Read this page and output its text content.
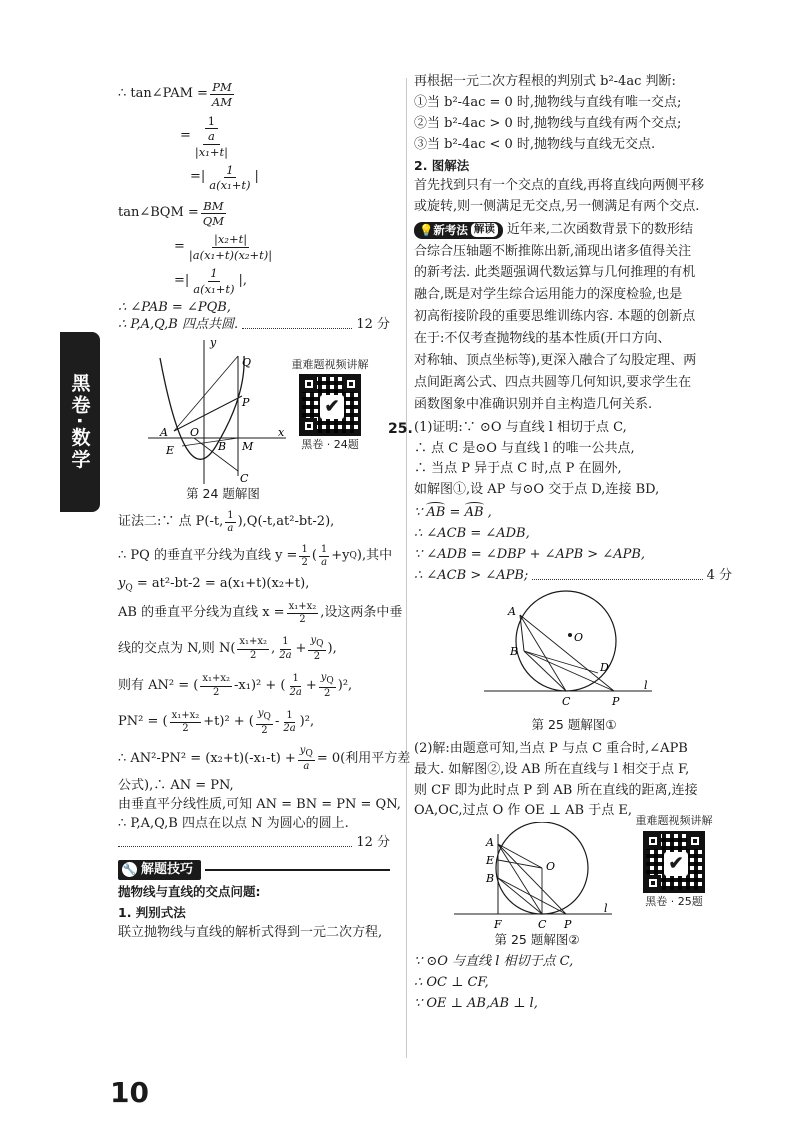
黑卷·数学
∴ tan∠PAM = $\frac{PM}{AM}$
= 1
a
|x₁+t|
= | $\frac{1}{\text{a(x₁+t)}}$ |
tan∠BQM = $\frac{BM}{QM}$
= $\frac{\text{|x₂+t|}}{\text{|a(x₁+t)(x₂+t)|}}$
= | $\frac{1}{\text{a(x₁+t)}}$ |,
∴ ∠PAB = ∠PQB,
∴ P,A,Q,B 四点共圆.	12 分
y
x
Q
P
A O
B M
E
C
重难题视频讲解
✔
黑卷 · 24题
第 24 题解图
证法二:∵ 点 P(-t, $\frac{1}{a} ),Q(-t,at^2-bt-2)$,
∴ PQ 的垂直平分线为直线 $y = \frac{1}{2}$ ( $\frac{1}{a} +y$ Q ),其中
$y_Q = at^2-bt-2 = a(x_1+t)(x_2+t)$,
AB 的垂直平分线为直线 $x = \frac{\text{x₁+x₂}}{2}$ ,设这两条中垂
线的交点为 N,则 $N( \frac{\text{x₁+x₂}}{2}$ , $\frac{1}{2a} + \frac{y_Q}{2}$ ),
则有 AN² = ( $\frac{\text{x₁+x₂}}{2} -x_1)^2$ + ( $\frac{1}{2a} + \frac{y_Q}{2} )^2$,
PN² = ( $\frac{\text{x₁+x₂}}{2} +t)^2$ + ( $\frac{y_Q}{2} - \frac{1}{2a} )^2$,
∴ $AN^2-PN^2 = (x_2+t)(-x_1-t) + \frac{y_Q}{a} = 0$(利用平方差
公式),∴ AN = PN,
由垂直平分线性质,可知 AN = BN = PN = QN,
∴ P,A,Q,B 四点在以点 N 为圆心的圆上.
12 分
🔧 解题技巧
抛物线与直线的交点问题:
1. 判别式法
联立抛物线与直线的解析式得到一元二次方程,
再根据一元二次方程根的判别式 b²-4ac 判断:
①当 b²-4ac = 0 时,抛物线与直线有唯一交点;
②当 b²-4ac > 0 时,抛物线与直线有两个交点;
③当 b²-4ac < 0 时,抛物线与直线无交点.
2. 图解法
首先找到只有一个交点的直线,再将直线向两侧平移
或旋转,则一侧满足无交点,另一侧满足有两个交点.
💡 新考法 解读 近年来,二次函数背景下的数形结
合综合压轴题不断推陈出新,涌现出诸多值得关注
的新考法. 此类题强调代数运算与几何推理的有机
融合,既是对学生综合运用能力的深度检验,也是
初高衔接阶段的重要思维训练内容. 本题的创新点
在于:不仅考查抛物线的基本性质(开口方向、
对称轴、顶点坐标等),更深入融合了勾股定理、两
点间距离公式、四点共圆等几何知识,要求学生在
函数图象中准确识别并自主构造几何关系.
25. (1)证明:∵ ⊙O 与直线 l 相切于点 C,
∴ 点 C 是⊙O 与直线 l 的唯一公共点,
∴ 当点 P 异于点 C 时,点 P 在圆外,
如解图①,设 AP 与⊙O 交于点 D,连接 BD,
∵ AB = AB ,
∴ ∠ACB = ∠ADB,
∵ ∠ADB = ∠DBP + ∠APB > ∠APB,
∴ ∠ACB > ∠APB;	4 分
A
O
B
D
C	P
l
第 25 题解图①
(2)解:由题意可知,当点 P 与点 C 重合时,∠APB
最大. 如解图②,设 AB 所在直线与 l 相交于点 F,
则 CF 即为此时点 P 到 AB 所在直线的距离,连接
OA,OC,过点 O 作 OE ⊥ AB 于点 E,
A
E
B
O
F	C P
l
重难题视频讲解
✔
黑卷 · 25题
第 25 题解图②
∵ ⊙O 与直线 l 相切于点 C,
∴ OC ⊥ CF,
∵ OE ⊥ AB,AB ⊥ l,
10
